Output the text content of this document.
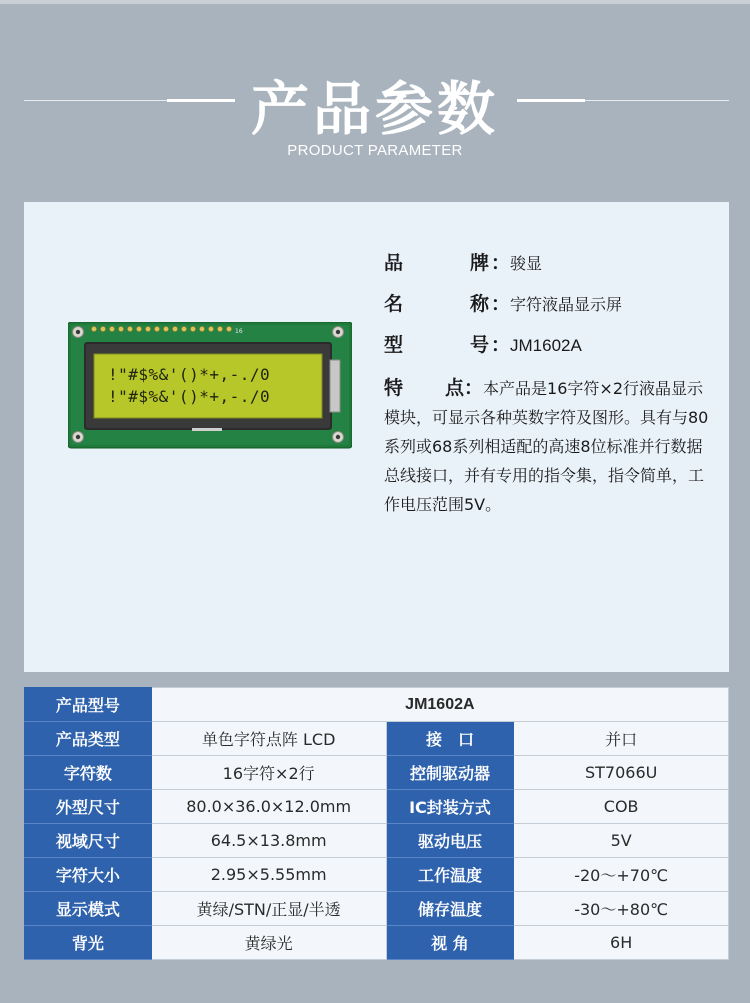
产品参数
PRODUCT PARAMETER
16
!"#$%&'()*+,-./0
!"#$%&'()*+,-./0
品	牌 ： 骏显
名	称 ： 字符液晶显示屏
型	号 ： JM1602A
特 点：本产品是16字符×2行液晶显示模块，可显示各种英数字符及图形。具有与80系列或68系列相适配的高速8位标准并行数据总线接口，并有专用的指令集，指令简单，工作电压范围5V。
产品型号	JM1602A		
产品类型	单色字符点阵 LCD	接　口	并口
字符数	16字符×2行	控制驱动器	ST7066U
外型尺寸	80.0×36.0×12.0mm	IC封装方式	COB
视域尺寸	64.5×13.8mm	驱动电压	5V
字符大小	2.95×5.55mm	工作温度	-20～+70℃
显示模式	黄绿/STN/正显/半透	储存温度	-30～+80℃
背光	黄绿光	视 角	6H
